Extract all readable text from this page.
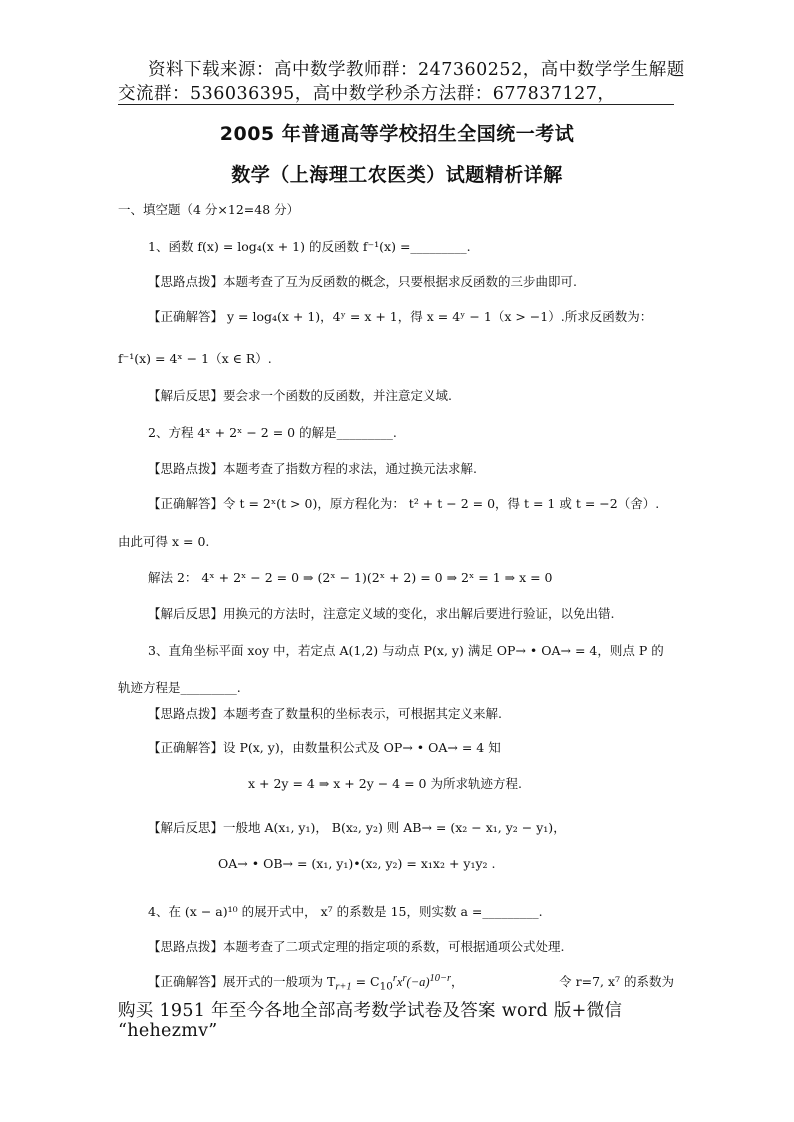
资料下载来源：高中数学教师群：247360252，高中数学学生解题
交流群：536036395，高中数学秒杀方法群：677837127，
2005 年普通高等学校招生全国统一考试
数学（上海理工农医类）试题精析详解
一、填空题（4 分×12=48 分）
1、函数 f(x) = log₄(x + 1) 的反函数 f⁻¹(x) =_________.
【思路点拨】本题考查了互为反函数的概念，只要根据求反函数的三步曲即可.
【正确解答】 y = log₄(x + 1)，4ʸ = x + 1，得 x = 4ʸ − 1（x > −1）.所求反函数为：
f⁻¹(x) = 4ˣ − 1（x ∈ R）.
【解后反思】要会求一个函数的反函数，并注意定义域.
2、方程 4ˣ + 2ˣ − 2 = 0 的解是_________.
【思路点拨】本题考查了指数方程的求法，通过换元法求解.
【正确解答】令 t = 2ˣ(t > 0)，原方程化为： t² + t − 2 = 0，得 t = 1 或 t = −2（舍）.
由此可得 x = 0.
解法 2： 4ˣ + 2ˣ − 2 = 0 ⇒ (2ˣ − 1)(2ˣ + 2) = 0 ⇒ 2ˣ = 1 ⇒ x = 0
【解后反思】用换元的方法时，注意定义域的变化，求出解后要进行验证，以免出错.
3、直角坐标平面 xoy 中，若定点 A(1,2) 与动点 P(x, y) 满足 OP→ • OA→ = 4，则点 P 的
轨迹方程是_________.
【思路点拨】本题考查了数量积的坐标表示，可根据其定义来解.
【正确解答】设 P(x, y)，由数量积公式及 OP→ • OA→ = 4 知
x + 2y = 4 ⇒ x + 2y − 4 = 0 为所求轨迹方程.
【解后反思】一般地 A(x₁, y₁)， B(x₂, y₂) 则 AB→ = (x₂ − x₁, y₂ − y₁)，
OA→ • OB→ = (x₁, y₁)•(x₂, y₂) = x₁x₂ + y₁y₂ .
4、在 (x − a)¹⁰ 的展开式中， x⁷ 的系数是 15，则实数 a =_________.
【思路点拨】本题考查了二项式定理的指定项的系数，可根据通项公式处理.
【正确解答】展开式的一般项为 $T_{r+1} = C_{10}^rx^r(-a)^{10-r}$，	令 r=7, x⁷ 的系数为
购买 1951 年至今各地全部高考数学试卷及答案 word 版+微信
“hehezmv”
